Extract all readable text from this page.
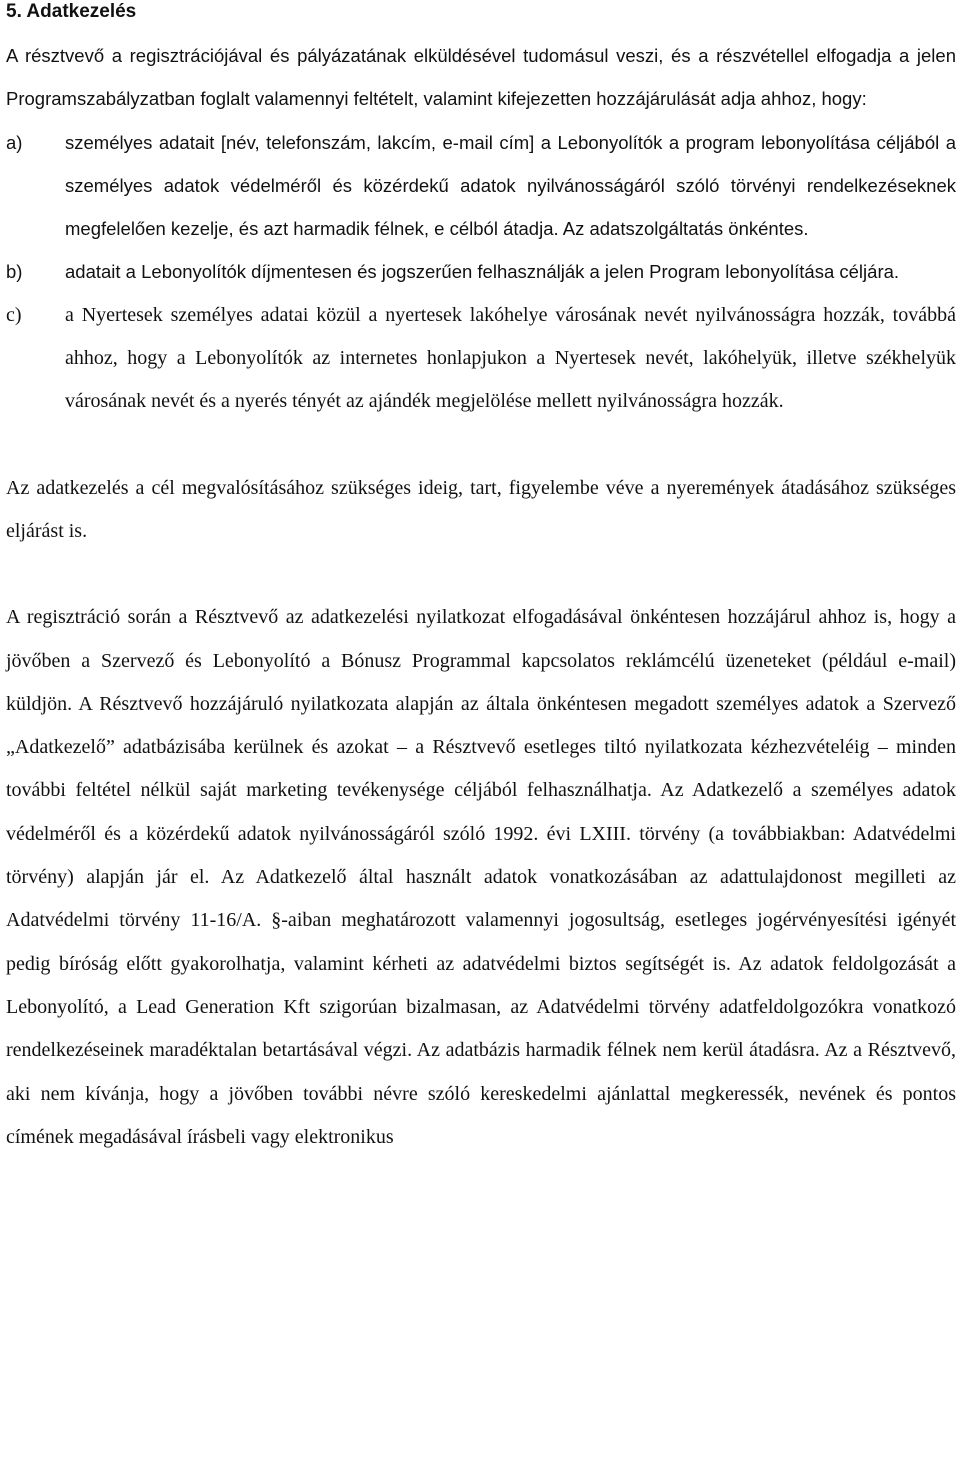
5. Adatkezelés

A résztvevő a regisztrációjával és pályázatának elküldésével tudomásul veszi, és a részvétellel elfogadja a jelen Programszabályzatban foglalt valamennyi feltételt, valamint kifejezetten hozzájárulását adja ahhoz, hogy:

a) személyes adatait [név, telefonszám, lakcím, e-mail cím] a Lebonyolítók a program lebonyolítása céljából a személyes adatok védelméről és közérdekű adatok nyilvánosságáról szóló törvényi rendelkezéseknek megfelelően kezelje, és azt harmadik félnek, e célból átadja. Az adatszolgáltatás önkéntes.
b) adatait a Lebonyolítók díjmentesen és jogszerűen felhasználják a jelen Program lebonyolítása céljára.
c) a Nyertesek személyes adatai közül a nyertesek lakóhelye városának nevét nyilvánosságra hozzák, továbbá ahhoz, hogy a Lebonyolítók az internetes honlapjukon a Nyertesek nevét, lakóhelyük, illetve székhelyük városának nevét és a nyerés tényét az ajándék megjelölése mellett nyilvánosságra hozzák.

Az adatkezelés a cél megvalósításához szükséges ideig, tart, figyelembe véve a nyeremények átadásához szükséges eljárást is.

A regisztráció során a Résztvevő az adatkezelési nyilatkozat elfogadásával önkéntesen hozzájárul ahhoz is, hogy a jövőben a Szervező és Lebonyolító a Bónusz Programmal kapcsolatos reklámcélú üzeneteket (például e-mail) küldjön. A Résztvevő hozzájáruló nyilatkozata alapján az általa önkéntesen megadott személyes adatok a Szervező „Adatkezelő” adatbázisába kerülnek és azokat – a Résztvevő esetleges tiltó nyilatkozata kézhezvételéig – minden további feltétel nélkül saját marketing tevékenysége céljából felhasználhatja. Az Adatkezelő a személyes adatok védelméről és a közérdekű adatok nyilvánosságáról szóló 1992. évi LXIII. törvény (a továbbiakban: Adatvédelmi törvény) alapján jár el. Az Adatkezelő által használt adatok vonatkozásában az adattulajdonost megilleti az Adatvédelmi törvény 11-16/A. §-aiban meghatározott valamennyi jogosultság, esetleges jogérvényesítési igényét pedig bíróság előtt gyakorolhatja, valamint kérheti az adatvédelmi biztos segítségét is. Az adatok feldolgozását a Lebonyolító, a Lead Generation Kft szigorúan bizalmasan, az Adatvédelmi törvény adatfeldolgozókra vonatkozó rendelkezéseinek maradéktalan betartásával végzi. Az adatbázis harmadik félnek nem kerül átadásra. Az a Résztvevő, aki nem kívánja, hogy a jövőben további névre szóló kereskedelmi ajánlattal megkeressék, nevének és pontos címének megadásával írásbeli vagy elektronikus
